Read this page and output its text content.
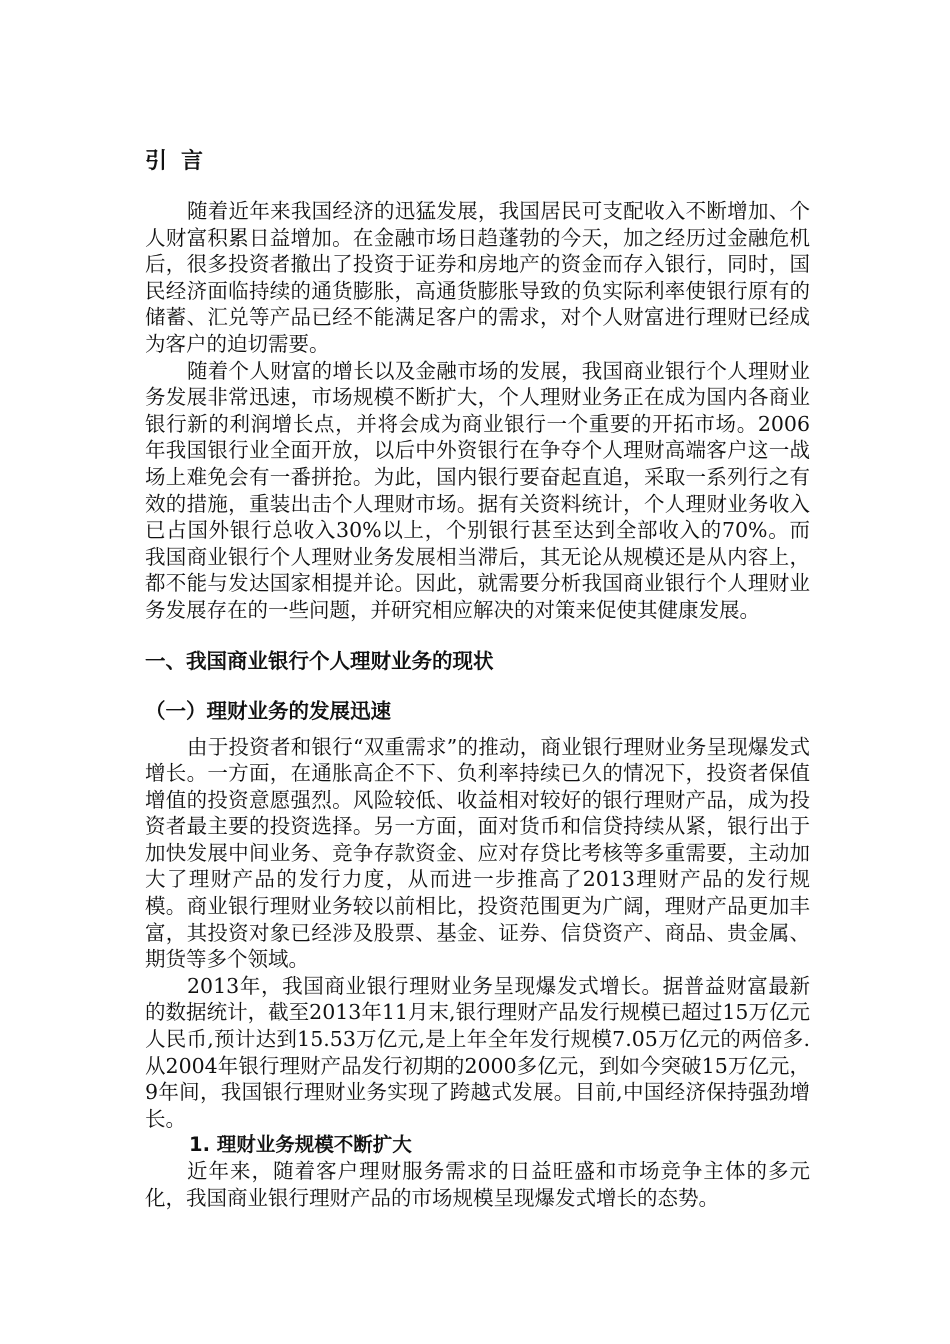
引言

随着近年来我国经济的迅猛发展，我国居民可支配收入不断增加、个人财富积累日益增加。在金融市场日趋蓬勃的今天，加之经历过金融危机后，很多投资者撤出了投资于证券和房地产的资金而存入银行，同时，国民经济面临持续的通货膨胀，高通货膨胀导致的负实际利率使银行原有的储蓄、汇兑等产品已经不能满足客户的需求，对个人财富进行理财已经成为客户的迫切需要。

随着个人财富的增长以及金融市场的发展，我国商业银行个人理财业务发展非常迅速，市场规模不断扩大，个人理财业务正在成为国内各商业银行新的利润增长点，并将会成为商业银行一个重要的开拓市场。2006年我国银行业全面开放，以后中外资银行在争夺个人理财高端客户这一战场上难免会有一番拼抢。为此，国内银行要奋起直追，采取一系列行之有效的措施，重装出击个人理财市场。据有关资料统计，个人理财业务收入已占国外银行总收入30%以上，个别银行甚至达到全部收入的70%。而我国商业银行个人理财业务发展相当滞后，其无论从规模还是从内容上，都不能与发达国家相提并论。因此，就需要分析我国商业银行个人理财业务发展存在的一些问题，并研究相应解决的对策来促使其健康发展。

一、我国商业银行个人理财业务的现状
（一）理财业务的发展迅速

由于投资者和银行“双重需求”的推动，商业银行理财业务呈现爆发式增长。一方面，在通胀高企不下、负利率持续已久的情况下，投资者保值增值的投资意愿强烈。风险较低、收益相对较好的银行理财产品，成为投资者最主要的投资选择。另一方面，面对货币和信贷持续从紧，银行出于加快发展中间业务、竞争存款资金、应对存贷比考核等多重需要，主动加大了理财产品的发行力度，从而进一步推高了2013理财产品的发行规模。商业银行理财业务较以前相比，投资范围更为广阔，理财产品更加丰富，其投资对象已经涉及股票、基金、证券、信贷资产、商品、贵金属、期货等多个领域。

2013年，我国商业银行理财业务呈现爆发式增长。据普益财富最新的数据统计，截至2013年11月末,银行理财产品发行规模已超过15万亿元人民币,预计达到15.53万亿元,是上年全年发行规模7.05万亿元的两倍多.从2004年银行理财产品发行初期的2000多亿元，到如今突破15万亿元，9年间，我国银行理财业务实现了跨越式发展。目前,中国经济保持强劲增长。

1. 理财业务规模不断扩大

近年来，随着客户理财服务需求的日益旺盛和市场竞争主体的多元化，我国商业银行理财产品的市场规模呈现爆发式增长的态势。
